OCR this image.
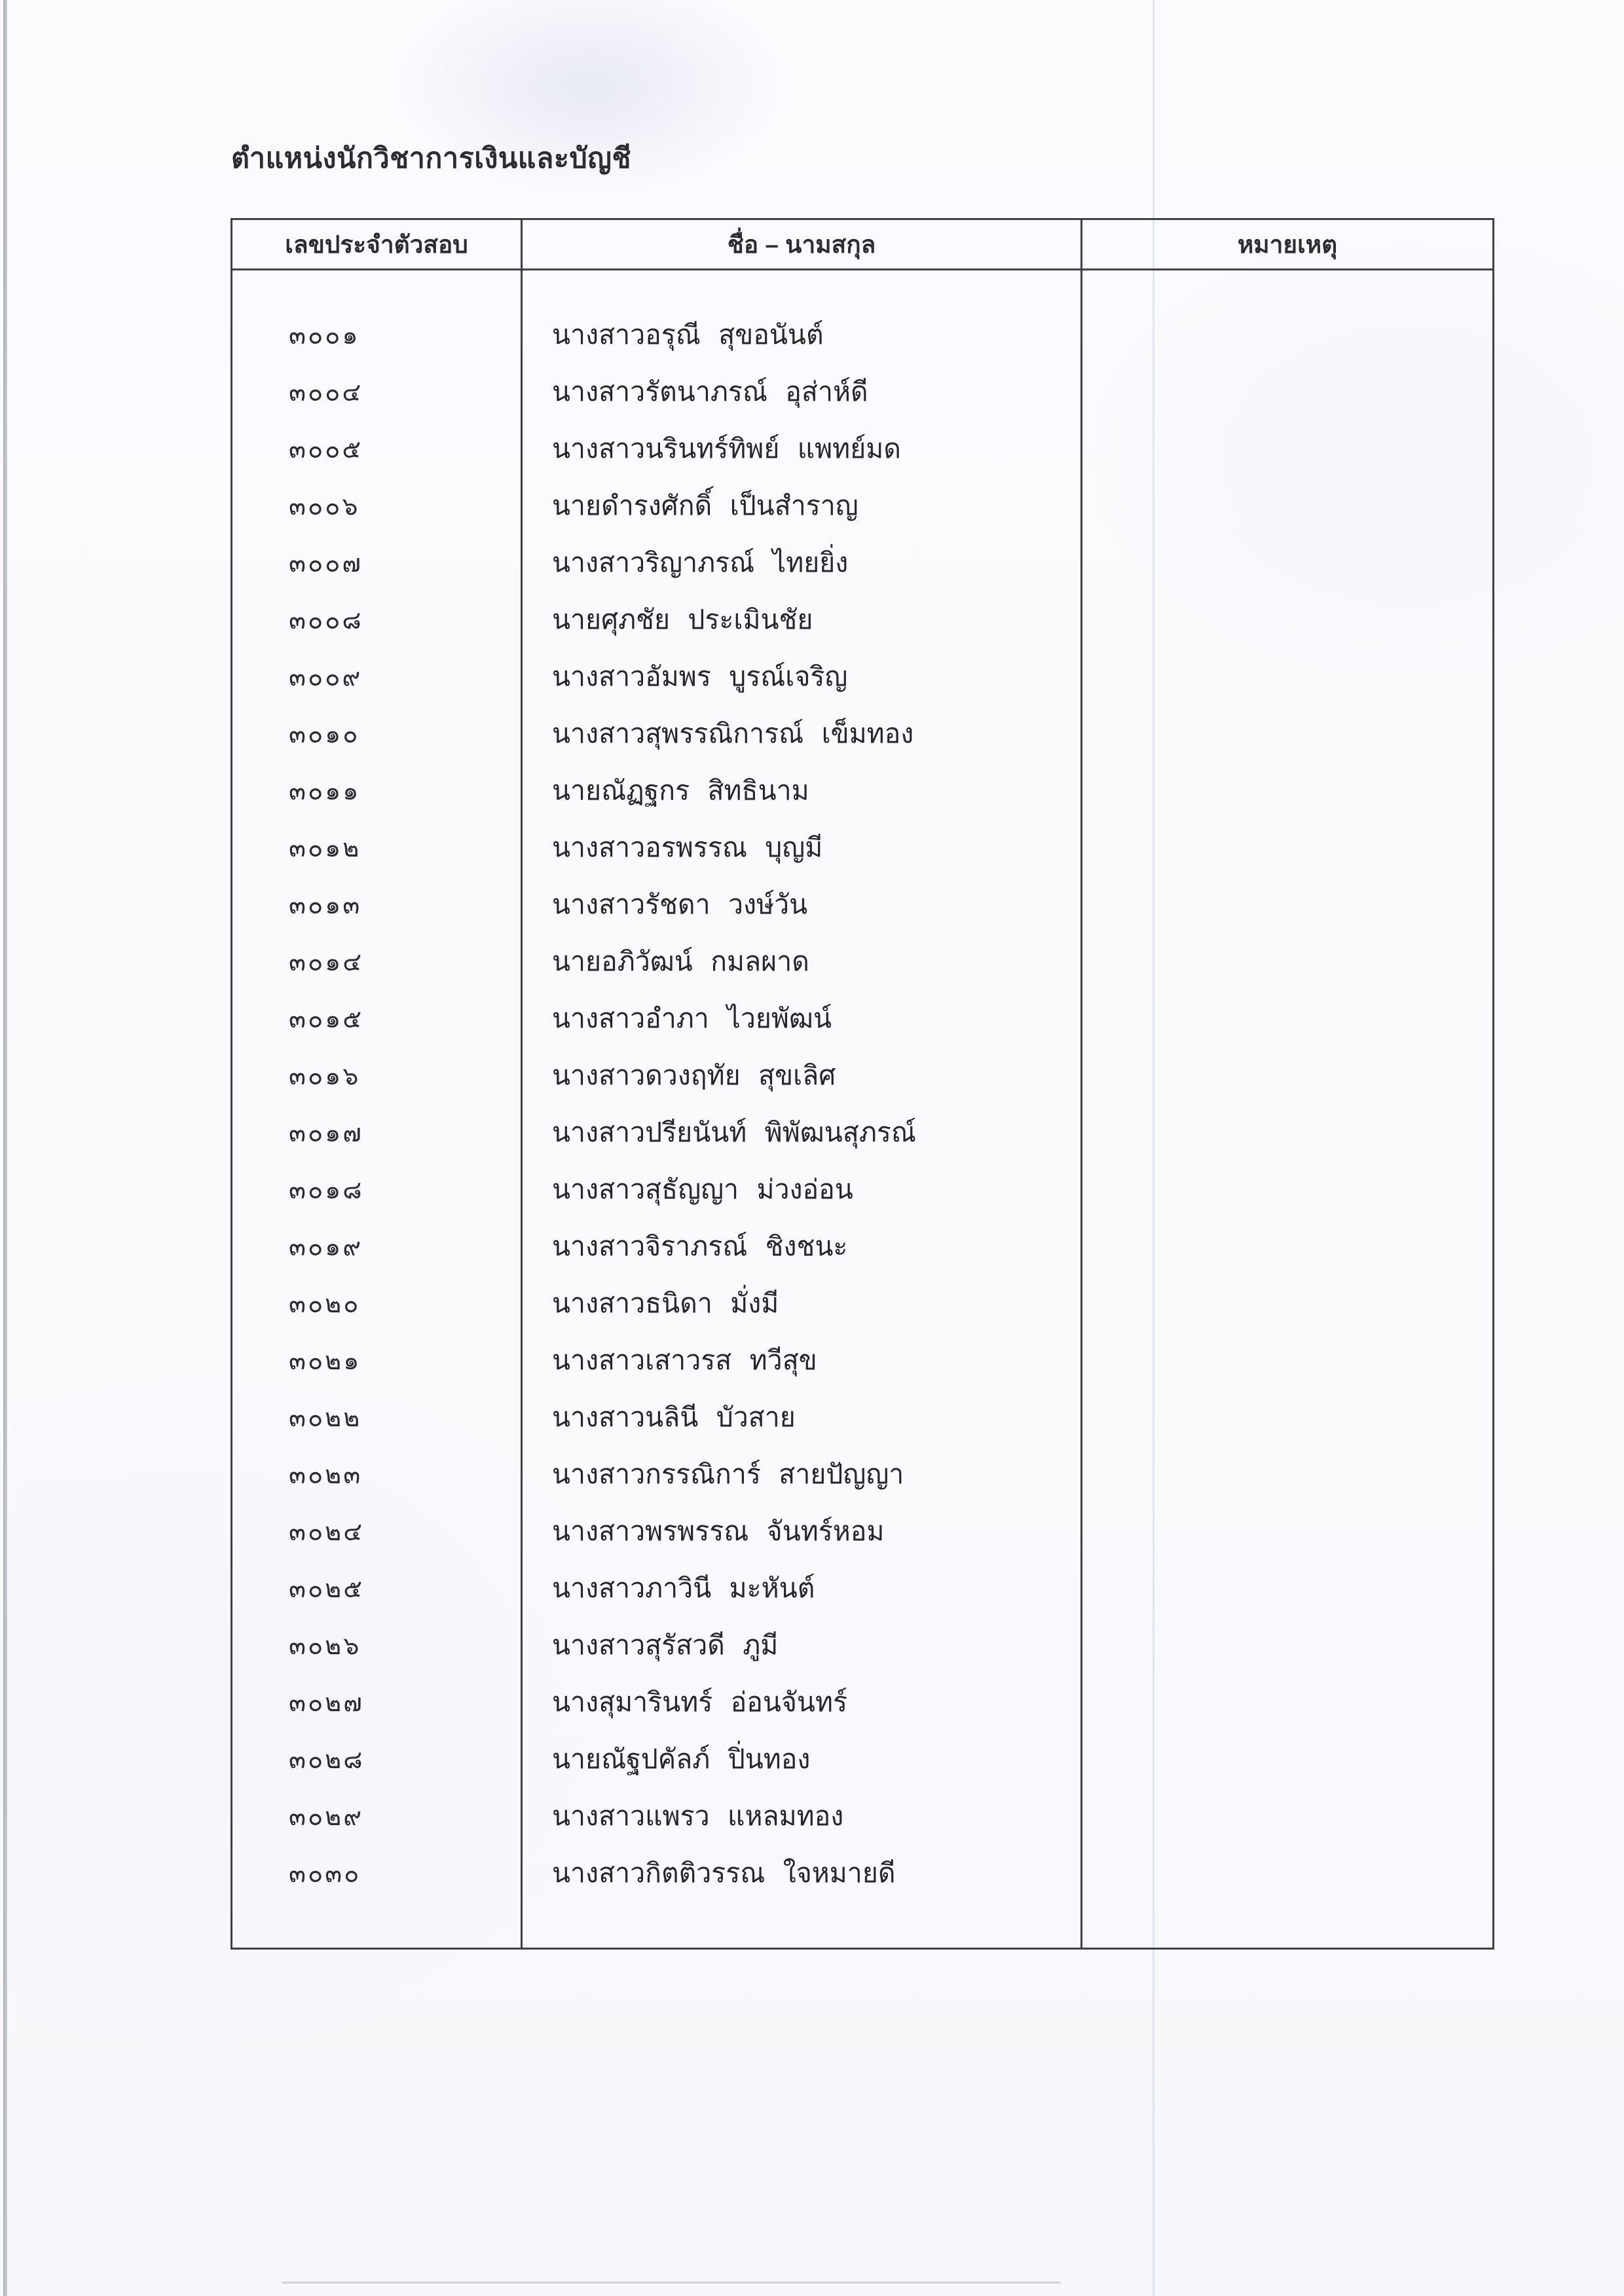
ตำแหน่งนักวิชาการเงินและบัญชี
เลขประจำตัวสอบ	ชื่อ – นามสกุล	หมายเหตุ
๓๐๐๑	นางสาวอรุณี สุขอนันต์
๓๐๐๔	นางสาวรัตนาภรณ์ อุส่าห์ดี
๓๐๐๕	นางสาวนรินทร์ทิพย์ แพทย์มด
๓๐๐๖	นายดำรงศักดิ์ เป็นสำราญ
๓๐๐๗	นางสาวริญาภรณ์ ไทยยิ่ง
๓๐๐๘	นายศุภชัย ประเมินชัย
๓๐๐๙	นางสาวอัมพร บูรณ์เจริญ
๓๐๑๐	นางสาวสุพรรณิการณ์ เข็มทอง
๓๐๑๑	นายณัฏฐกร สิทธินาม
๓๐๑๒	นางสาวอรพรรณ บุญมี
๓๐๑๓	นางสาวรัชดา วงษ์วัน
๓๐๑๔	นายอภิวัฒน์ กมลผาด
๓๐๑๕	นางสาวอำภา ไวยพัฒน์
๓๐๑๖	นางสาวดวงฤทัย สุขเลิศ
๓๐๑๗	นางสาวปรียนันท์ พิพัฒนสุภรณ์
๓๐๑๘	นางสาวสุธัญญา ม่วงอ่อน
๓๐๑๙	นางสาวจิราภรณ์ ชิงชนะ
๓๐๒๐	นางสาวธนิดา มั่งมี
๓๐๒๑	นางสาวเสาวรส ทวีสุข
๓๐๒๒	นางสาวนลินี บัวสาย
๓๐๒๓	นางสาวกรรณิการ์ สายปัญญา
๓๐๒๔	นางสาวพรพรรณ จันทร์หอม
๓๐๒๕	นางสาวภาวินี มะหันต์
๓๐๒๖	นางสาวสุรัสวดี ภูมี
๓๐๒๗	นางสุมารินทร์ อ่อนจันทร์
๓๐๒๘	นายณัฐปคัลภ์ ปิ่นทอง
๓๐๒๙	นางสาวแพรว แหลมทอง
๓๐๓๐	นางสาวกิตติวรรณ ใจหมายดี
